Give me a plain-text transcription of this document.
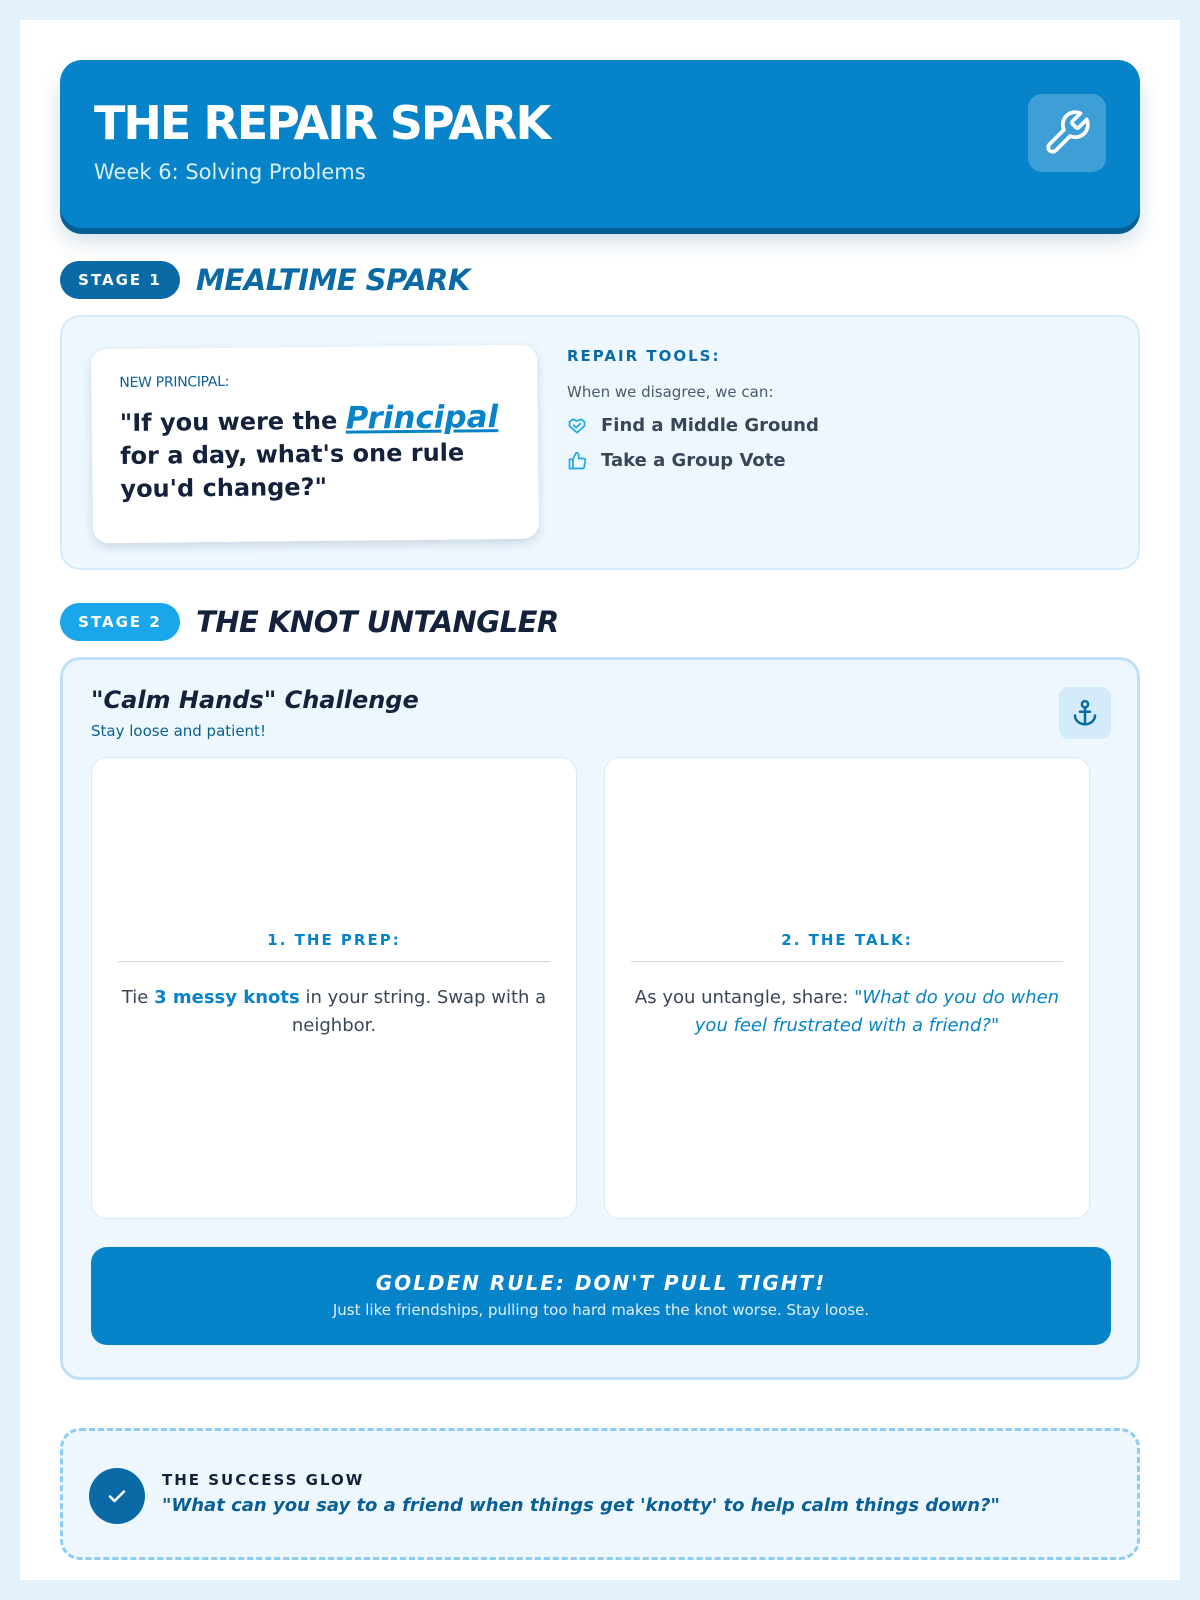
THE REPAIR SPARK
Week 6: Solving Problems
STAGE 1	MEALTIME SPARK
NEW PRINCIPAL:
"If you were the Principal for a day, what's one rule you'd change?"
REPAIR TOOLS:
When we disagree, we can:
Find a Middle Ground
Take a Group Vote
STAGE 2	THE KNOT UNTANGLER
"Calm Hands" Challenge
Stay loose and patient!
1. THE PREP:
Tie 3 messy knots in your string. Swap with a neighbor.
2. THE TALK:
As you untangle, share: "What do you do when you feel frustrated with a friend?"
GOLDEN RULE: DON'T PULL TIGHT!
Just like friendships, pulling too hard makes the knot worse. Stay loose.
THE SUCCESS GLOW
"What can you say to a friend when things get 'knotty' to help calm things down?"
